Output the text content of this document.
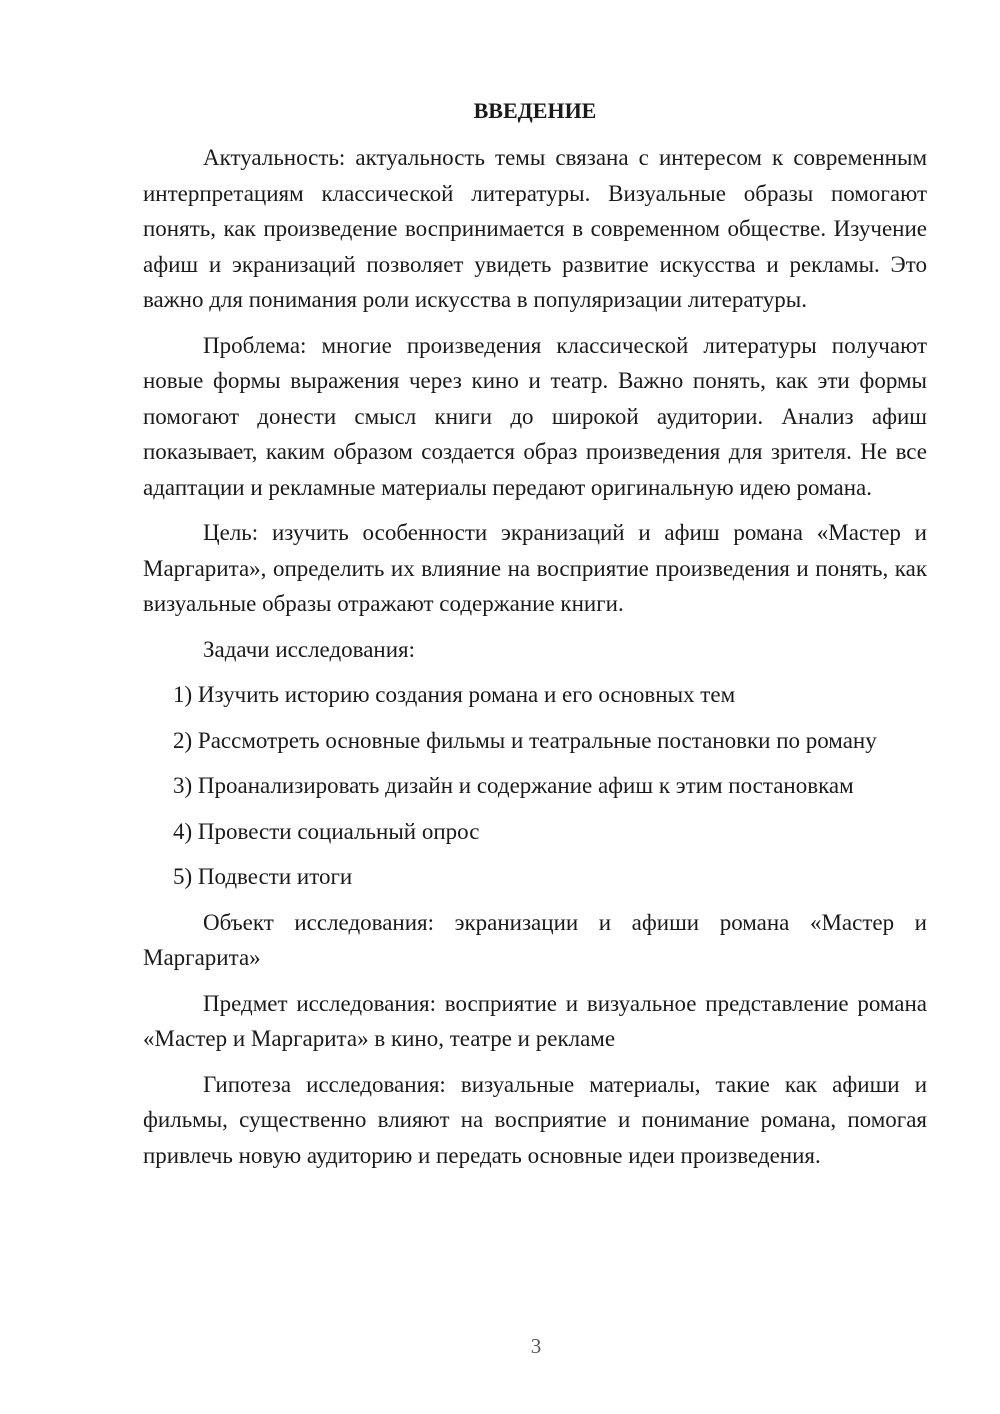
ВВЕДЕНИЕ

Актуальность: актуальность темы связана с интересом к современным интерпретациям классической литературы. Визуальные образы помогают понять, как произведение воспринимается в современном обществе. Изучение афиш и экранизаций позволяет увидеть развитие искусства и рекламы. Это важно для понимания роли искусства в популяризации литературы.

Проблема: многие произведения классической литературы получают новые формы выражения через кино и театр. Важно понять, как эти формы помогают донести смысл книги до широкой аудитории. Анализ афиш показывает, каким образом создается образ произведения для зрителя. Не все адаптации и рекламные материалы передают оригинальную идею романа.

Цель: изучить особенности экранизаций и афиш романа «Мастер и Маргарита», определить их влияние на восприятие произведения и понять, как визуальные образы отражают содержание книги.

Задачи исследования:

1) Изучить историю создания романа и его основных тем

2) Рассмотреть основные фильмы и театральные постановки по роману

3) Проанализировать дизайн и содержание афиш к этим постановкам

4) Провести социальный опрос

5) Подвести итоги

Объект исследования: экранизации и афиши романа «Мастер и Маргарита»

Предмет исследования: восприятие и визуальное представление романа «Мастер и Маргарита» в кино, театре и рекламе

Гипотеза исследования: визуальные материалы, такие как афиши и фильмы, существенно влияют на восприятие и понимание романа, помогая привлечь новую аудиторию и передать основные идеи произведения.

3
